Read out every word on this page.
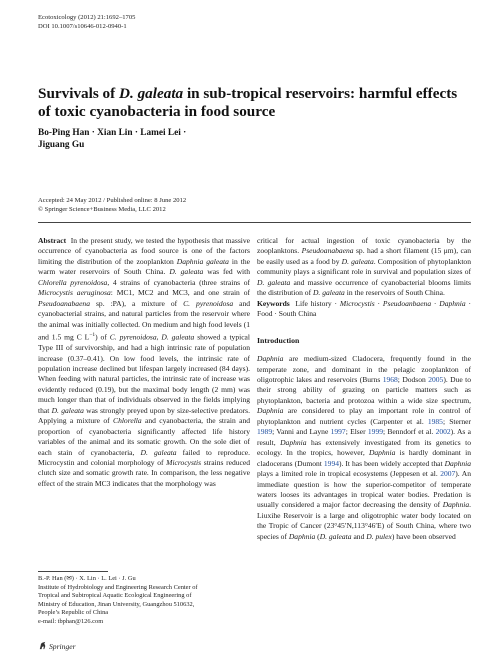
Ecotoxicology (2012) 21:1692–1705
DOI 10.1007/s10646-012-0940-1
Survivals of D. galeata in sub-tropical reservoirs: harmful effects of toxic cyanobacteria in food source
Bo-Ping Han · Xian Lin · Lamei Lei ·
Jiguang Gu
Accepted: 24 May 2012 / Published online: 8 June 2012
© Springer Science+Business Media, LLC 2012

Abstract In the present study, we tested the hypothesis that massive occurrence of cyanobacteria as food source is one of the factors limiting the distribution of the zooplankton Daphnia galeata in the warm water reservoirs of South China. D. galeata was fed with Chlorella pyrenoidosa, 4 strains of cyanobacteria (three strains of Microcystis aeruginosa: MC1, MC2 and MC3, and one strain of Pseudoanabaena sp. :PA), a mixture of C. pyrenoidosa and cyanobacterial strains, and natural particles from the reservoir where the animal was initially collected. On medium and high food levels (1 and 1.5 mg C $L^{-1}$) of C. pyrenoidosa, D. galeata showed a typical Type III of survivorship, and had a high intrinsic rate of population increase (0.37–0.41). On low food levels, the intrinsic rate of population increase declined but lifespan largely increased (84 days). When feeding with natural particles, the intrinsic rate of increase was evidently reduced (0.19), but the maximal body length (2 mm) was much longer than that of individuals observed in the fields implying that D. galeata was strongly preyed upon by size-selective predators. Applying a mixture of Chlorella and cyanobacteria, the strain and proportion of cyanobacteria significantly affected life history variables of the animal and its somatic growth. On the sole diet of each stain of cyanobacteria, D. galeata failed to reproduce. Microcystin and colonial morphology of Microcystis strains reduced clutch size and somatic growth rate. In comparison, the less negative effect of the strain MC3 indicates that the morphology was

critical for actual ingestion of toxic cyanobacteria by the zooplanktons. Pseudoanabaena sp. had a short filament (15 μm), can be easily used as a food by D. galeata. Composition of phytoplankton community plays a significant role in survival and population sizes of D. galeata and massive occurrence of cyanobacterial blooms limits the distribution of D. galeata in the reservoirs of South China.

Keywords Life history · Microcystis · Pseudoanbaena · Daphnia · Food · South China

Introduction

Daphnia are medium-sized Cladocera, frequently found in the temperate zone, and dominant in the pelagic zooplankton of oligotrophic lakes and reservoirs (Burns 1968; Dodson 2005). Due to their strong ability of grazing on particle matters such as phytoplankton, bacteria and protozoa within a wide size spectrum, Daphnia are considered to play an important role in control of phytoplankton and nutrient cycles (Carpenter et al. 1985; Sterner 1989; Vanni and Layne 1997; Elser 1999; Benndorf et al. 2002). As a result, Daphnia has extensively investigated from its genetics to ecology. In the tropics, however, Daphnia is hardly dominant in cladocerans (Dumont 1994). It has been widely accepted that Daphnia plays a limited role in tropical ecosystems (Jeppesen et al. 2007). An immediate question is how the superior-competitor of temperate waters looses its advantages in tropical water bodies. Predation is usually considered a major factor decreasing the density of Daphnia. Liuxihe Reservoir is a large and oligotrophic water body located on the Tropic of Cancer (23°45′N,113°46′E) of South China, where two species of Daphnia (D. galeata and D. pulex) have been observed

B.-P. Han (✉) · X. Lin · L. Lei · J. Gu
Institute of Hydrobiology and Engineering Research Center of
Tropical and Subtropical Aquatic Ecological Engineering of
Ministry of Education, Jinan University, Guangzhou 510632,
People’s Republic of China
e-mail: tbphan@126.com
Springer
